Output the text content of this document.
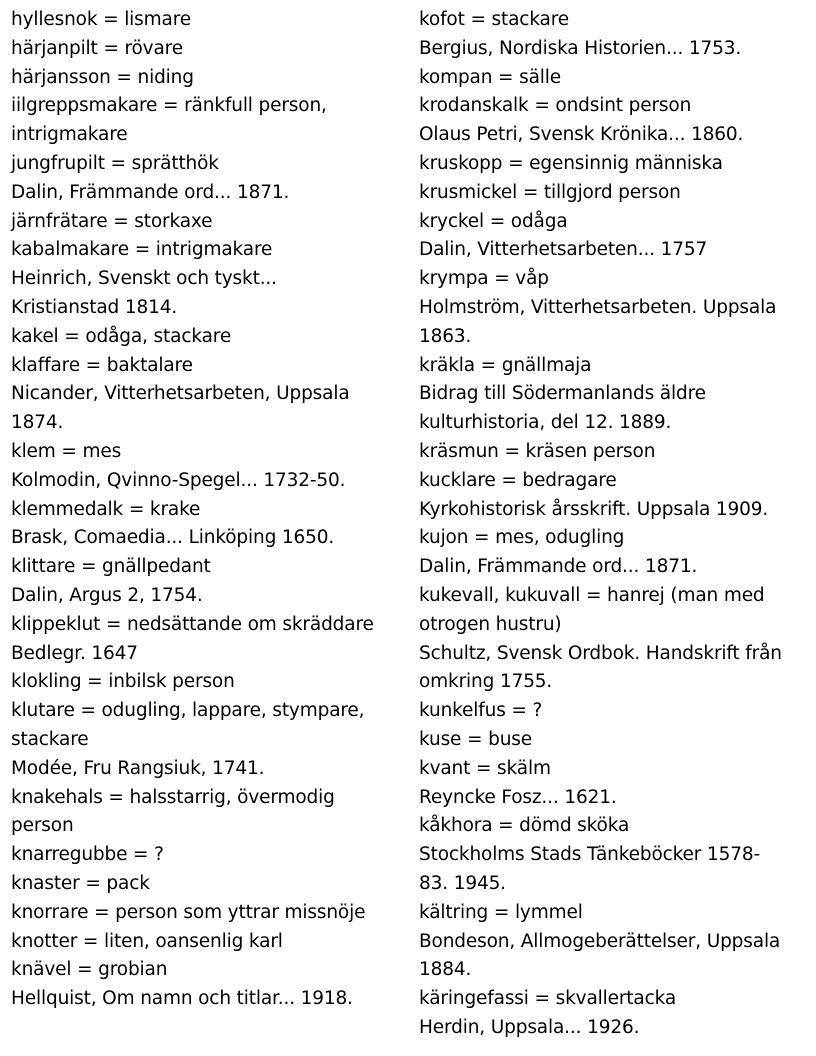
hyllesnok = lismare
härjanpilt = rövare
härjansson = niding
iilgreppsmakare = ränkfull person,
intrigmakare
jungfrupilt = sprätthök
Dalin, Främmande ord... 1871.
järnfrätare = storkaxe
kabalmakare = intrigmakare
Heinrich, Svenskt och tyskt...
Kristianstad 1814.
kakel = odåga, stackare
klaffare = baktalare
Nicander, Vitterhetsarbeten, Uppsala
1874.
klem = mes
Kolmodin, Qvinno-Spegel... 1732-50.
klemmedalk = krake
Brask, Comaedia... Linköping 1650.
klittare = gnällpedant
Dalin, Argus 2, 1754.
klippeklut = nedsättande om skräddare
Bedlegr. 1647
klokling = inbilsk person
klutare = odugling, lappare, stympare,
stackare
Modée, Fru Rangsiuk, 1741.
knakehals = halsstarrig, övermodig
person
knarregubbe = ?
knaster = pack
knorrare = person som yttrar missnöje
knotter = liten, oansenlig karl
knävel = grobian
Hellquist, Om namn och titlar... 1918.
kofot = stackare
Bergius, Nordiska Historien... 1753.
kompan = sälle
krodanskalk = ondsint person
Olaus Petri, Svensk Krönika... 1860.
kruskopp = egensinnig människa
krusmickel = tillgjord person
kryckel = odåga
Dalin, Vitterhetsarbeten... 1757
krympa = våp
Holmström, Vitterhetsarbeten. Uppsala
1863.
kräkla = gnällmaja
Bidrag till Södermanlands äldre
kulturhistoria, del 12. 1889.
kräsmun = kräsen person
kucklare = bedragare
Kyrkohistorisk årsskrift. Uppsala 1909.
kujon = mes, odugling
Dalin, Främmande ord... 1871.
kukevall, kukuvall = hanrej (man med
otrogen hustru)
Schultz, Svensk Ordbok. Handskrift från
omkring 1755.
kunkelfus = ?
kuse = buse
kvant = skälm
Reyncke Fosz... 1621.
kåkhora = dömd sköka
Stockholms Stads Tänkeböcker 1578-
83. 1945.
kältring = lymmel
Bondeson, Allmogeberättelser, Uppsala
1884.
käringefassi = skvallertacka
Herdin, Uppsala... 1926.
